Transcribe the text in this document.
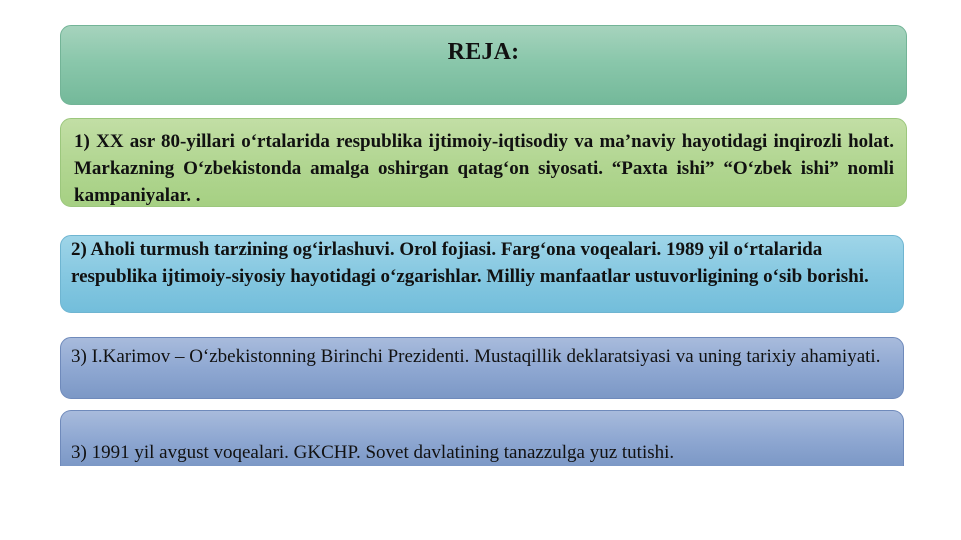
REJA:
1) XX asr 80-yillari o‘rtalarida respublika ijtimoiy-iqtisodiy va ma’naviy hayotidagi inqirozli holat. Markazning O‘zbekistonda amalga oshirgan qatag‘on siyosati. “Paxta ishi” “O‘zbek ishi” nomli kampaniyalar. .
2) Aholi turmush tarzining og‘irlashuvi. Orol fojiasi. Farg‘ona voqealari. 1989 yil o‘rtalarida respublika ijtimoiy-siyosiy hayotidagi o‘zgarishlar. Milliy manfaatlar ustuvorligining o‘sib borishi.
3) I.Karimov – O‘zbekistonning Birinchi Prezidenti. Mustaqillik deklaratsiyasi va uning tarixiy ahamiyati.
3) 1991 yil avgust voqealari. GKCHP. Sovet davlatining tanazzulga yuz tutishi.
